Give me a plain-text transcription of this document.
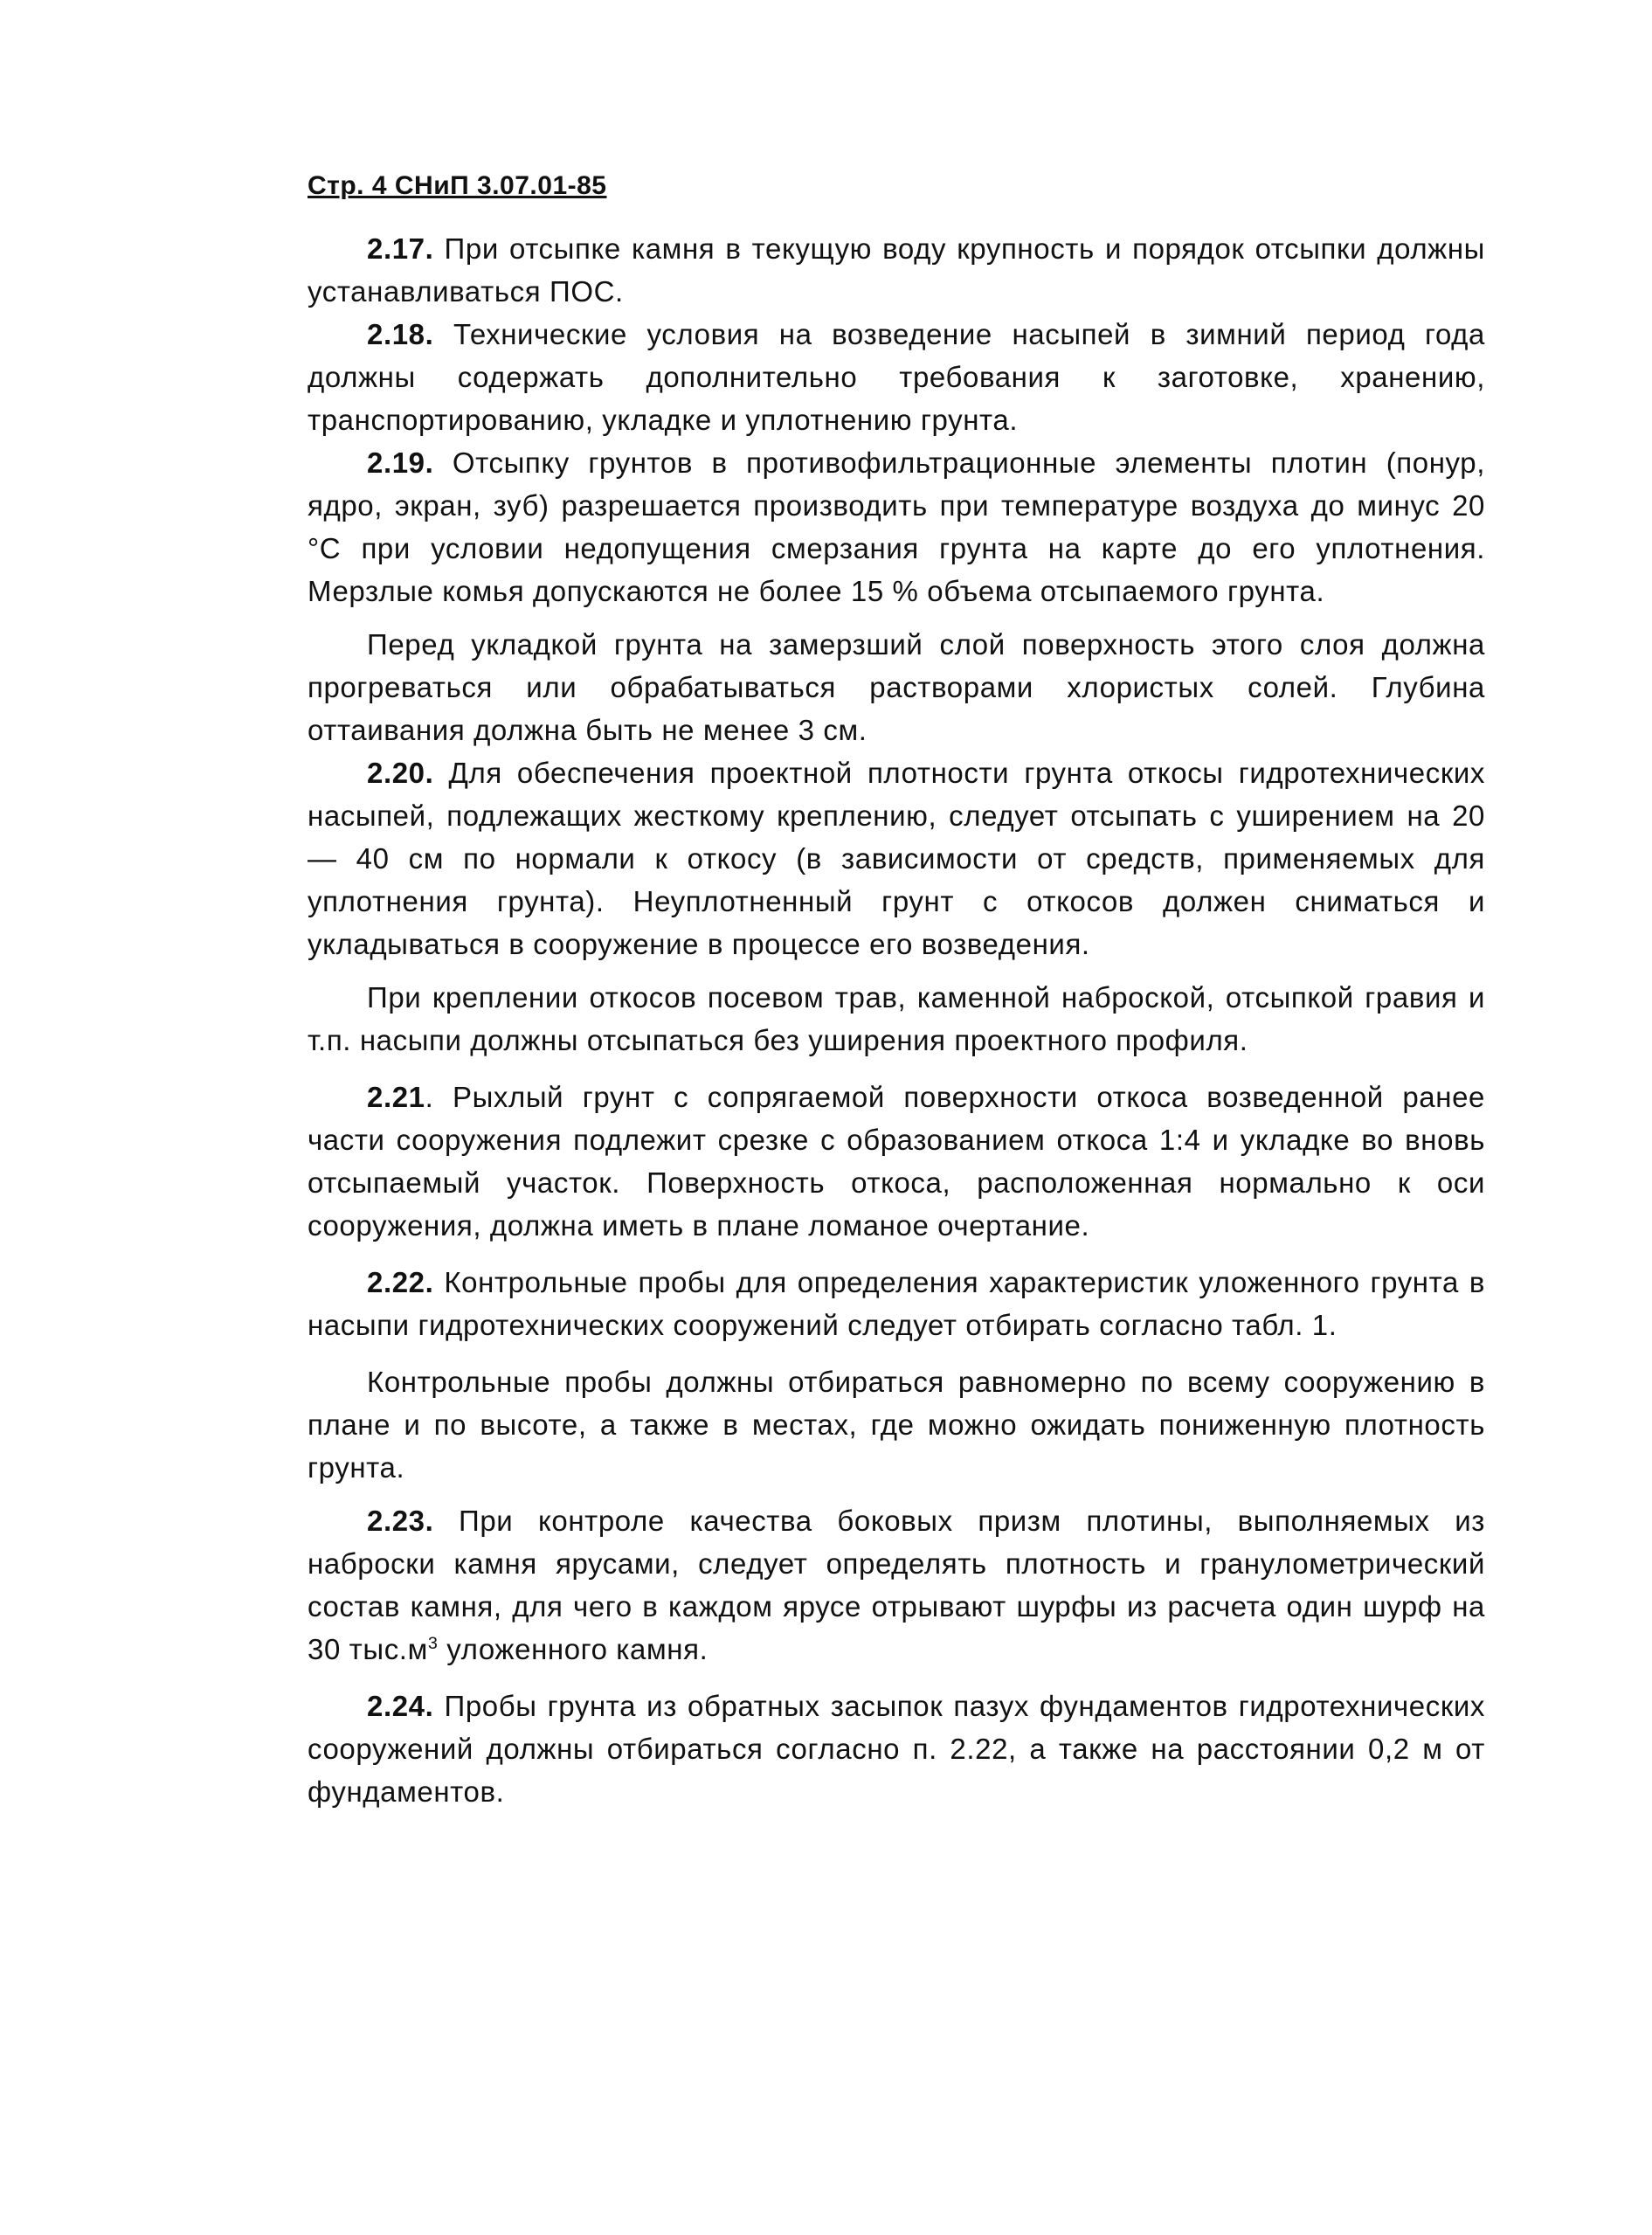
Стр. 4 СНиП 3.07.01-85

2.17. При отсыпке камня в текущую воду крупность и порядок отсыпки должны устанавливаться ПОС.

2.18. Технические условия на возведение насыпей в зимний период года должны содержать дополнительно требования к заготовке, хранению, транспортированию, укладке и уплотнению грунта.

2.19. Отсыпку грунтов в противофильтрационные элементы плотин (понур, ядро, экран, зуб) разрешается производить при температуре воздуха до минус 20 °С при условии недопущения смерзания грунта на карте до его уплотнения. Мерзлые комья допускаются не более 15 % объема отсыпаемого грунта.

Перед укладкой грунта на замерзший слой поверхность этого слоя должна прогреваться или обрабатываться растворами хлористых солей. Глубина оттаивания должна быть не менее 3 см.

2.20. Для обеспечения проектной плотности грунта откосы гидротехнических насыпей, подлежащих жесткому креплению, следует отсыпать с уширением на 20 — 40 см по нормали к откосу (в зависимости от средств, применяемых для уплотнения грунта). Неуплотненный грунт с откосов должен сниматься и укладываться в сооружение в процессе его возведения.

При креплении откосов посевом трав, каменной наброской, отсыпкой гравия и т.п. насыпи должны отсыпаться без уширения проектного профиля.

2.21. Рыхлый грунт с сопрягаемой поверхности откоса возведенной ранее части сооружения подлежит срезке с образованием откоса 1:4 и укладке во вновь отсыпаемый участок. Поверхность откоса, расположенная нормально к оси сооружения, должна иметь в плане ломаное очертание.

2.22. Контрольные пробы для определения характеристик уложенного грунта в насыпи гидротехнических сооружений следует отбирать согласно табл. 1.

Контрольные пробы должны отбираться равномерно по всему сооружению в плане и по высоте, а также в местах, где можно ожидать пониженную плотность грунта.

2.23. При контроле качества боковых призм плотины, выполняемых из наброски камня ярусами, следует определять плотность и гранулометрический состав камня, для чего в каждом ярусе отрывают шурфы из расчета один шурф на 30 $тыс.м^3$ уложенного камня.

2.24. Пробы грунта из обратных засыпок пазух фундаментов гидротехнических сооружений должны отбираться согласно п. 2.22, а также на расстоянии 0,2 м от фундаментов.
